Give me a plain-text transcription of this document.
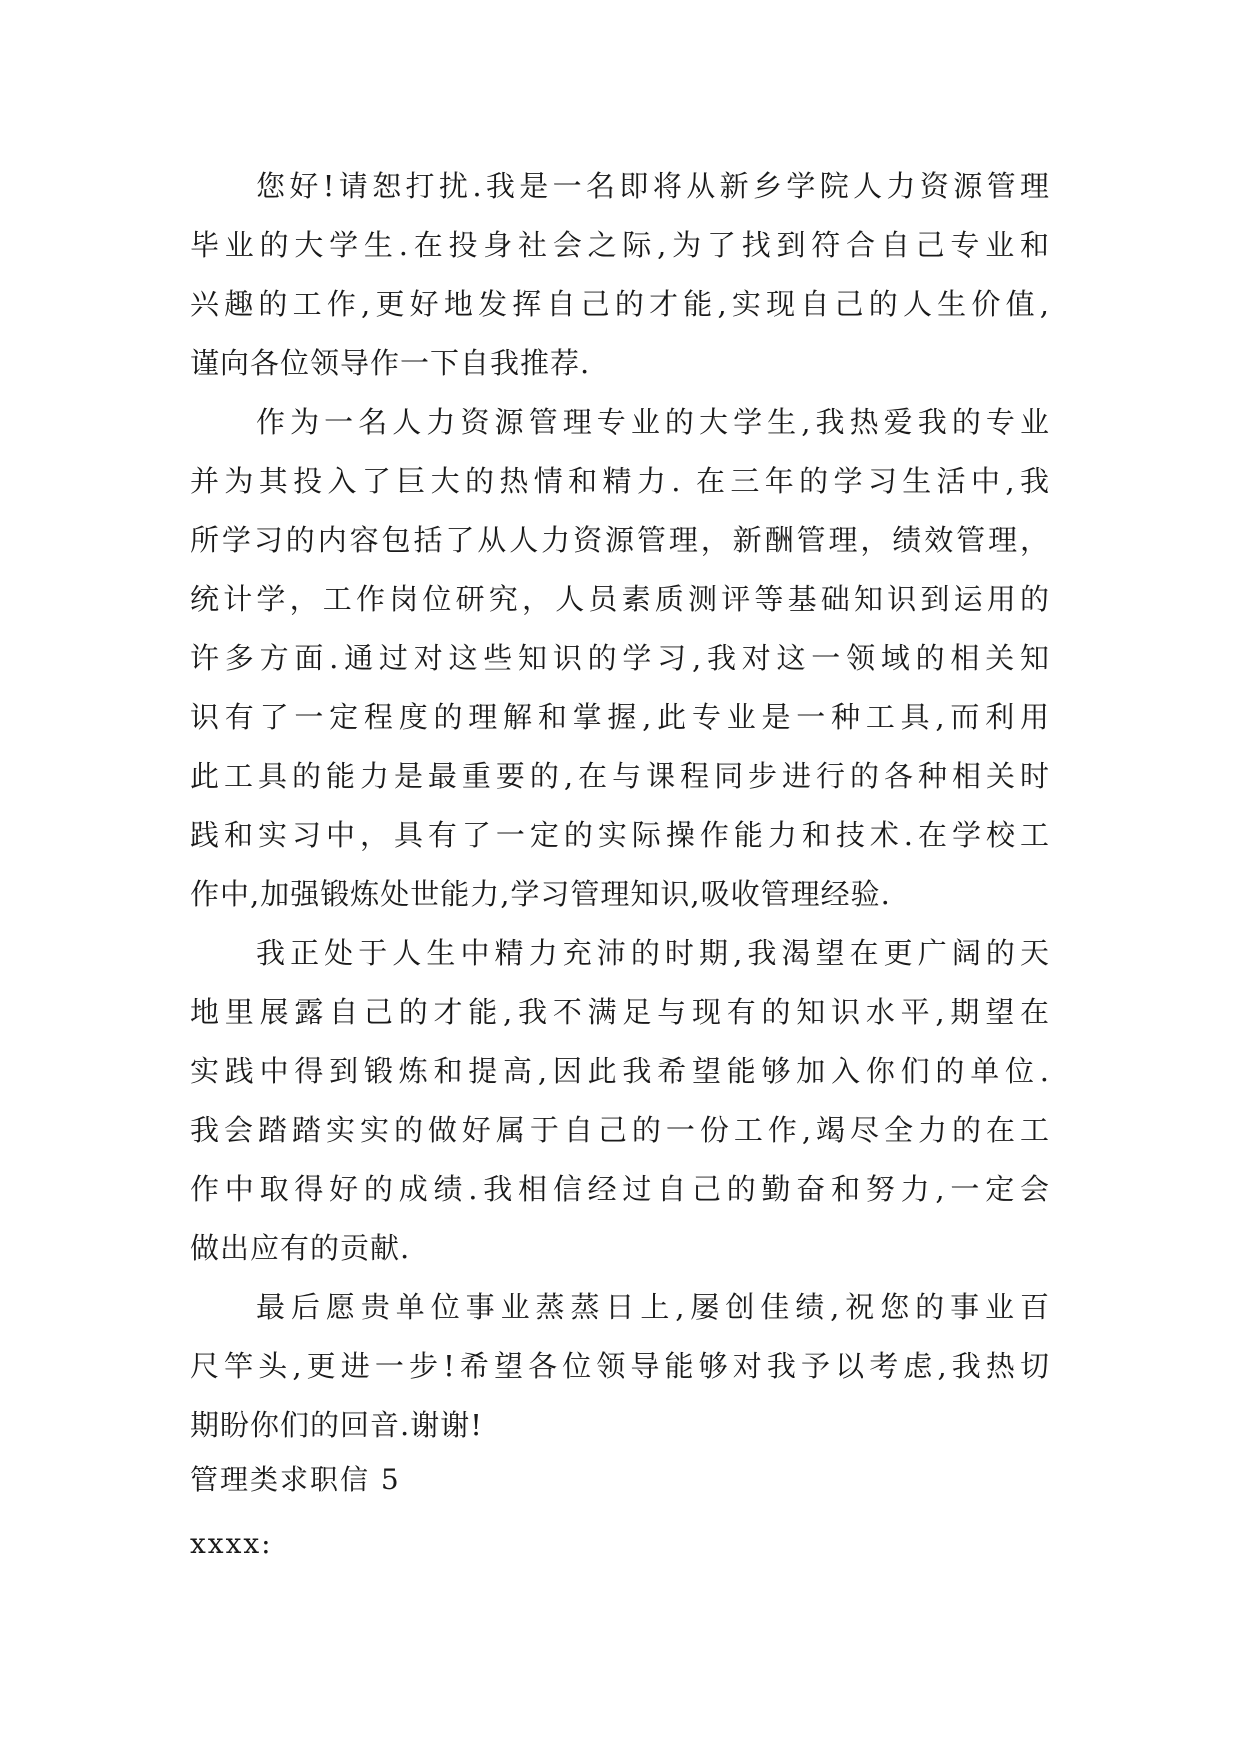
您好!请恕打扰.我是一名即将从新乡学院人力资源管理
毕业的大学生.在投身社会之际,为了找到符合自己专业和
兴趣的工作,更好地发挥自己的才能,实现自己的人生价值,
谨向各位领导作一下自我推荐.
作为一名人力资源管理专业的大学生,我热爱我的专业
并为其投入了巨大的热情和精力. 在三年的学习生活中,我
所学习的内容包括了从人力资源管理，新酬管理，绩效管理，
统计学，工作岗位研究，人员素质测评等基础知识到运用的
许多方面.通过对这些知识的学习,我对这一领域的相关知
识有了一定程度的理解和掌握,此专业是一种工具,而利用
此工具的能力是最重要的,在与课程同步进行的各种相关时
践和实习中，具有了一定的实际操作能力和技术.在学校工
作中,加强锻炼处世能力,学习管理知识,吸收管理经验.
我正处于人生中精力充沛的时期,我渴望在更广阔的天
地里展露自己的才能,我不满足与现有的知识水平,期望在
实践中得到锻炼和提高,因此我希望能够加入你们的单位.
我会踏踏实实的做好属于自己的一份工作,竭尽全力的在工
作中取得好的成绩.我相信经过自己的勤奋和努力,一定会
做出应有的贡献.
最后愿贵单位事业蒸蒸日上,屡创佳绩,祝您的事业百
尺竿头,更进一步!希望各位领导能够对我予以考虑,我热切
期盼你们的回音.谢谢!
管理类求职信 5
xxxx:
